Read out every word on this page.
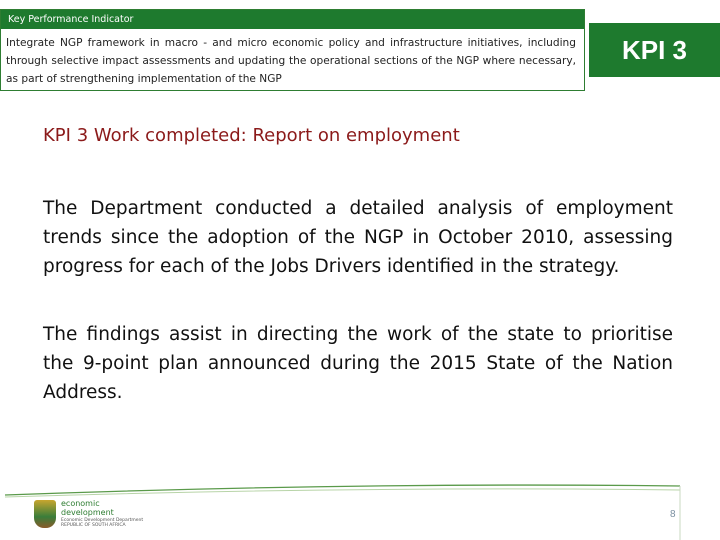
Key Performance Indicator
Integrate NGP framework in macro - and micro economic policy and infrastructure initiatives, including through selective impact assessments and updating the operational sections of the NGP where necessary, as part of strengthening implementation of the NGP
KPI 3
KPI 3 Work completed: Report on employment

The Department conducted a detailed analysis of employment trends since the adoption of the NGP in October 2010, assessing progress for each of the Jobs Drivers identified in the strategy.

The findings assist in directing the work of the state to prioritise the 9-point plan announced during the 2015 State of the Nation Address.

economic development
Economic Development Department REPUBLIC OF SOUTH AFRICA
8
